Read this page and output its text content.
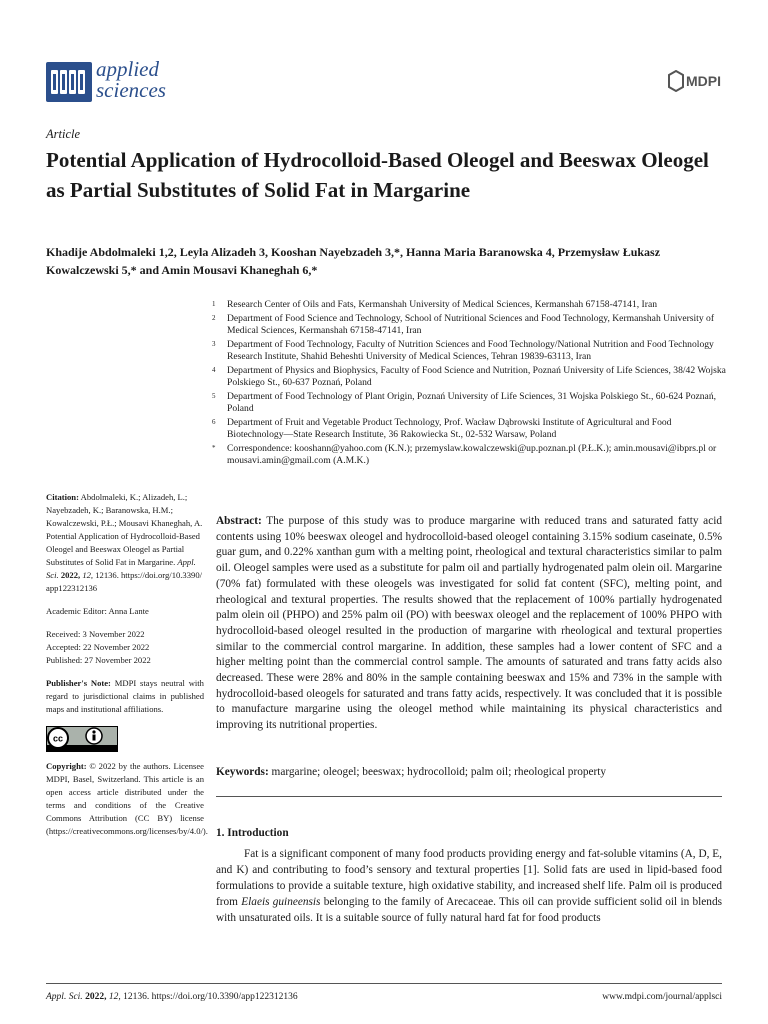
applied
sciences	MDPI
Article
Potential Application of Hydrocolloid-Based Oleogel and Beeswax Oleogel as Partial Substitutes of Solid Fat in Margarine
Khadije Abdolmaleki 1,2, Leyla Alizadeh 3, Kooshan Nayebzadeh 3,*, Hanna Maria Baranowska 4, Przemysław Łukasz Kowalczewski 5,* and Amin Mousavi Khaneghah 6,*
1 Research Center of Oils and Fats, Kermanshah University of Medical Sciences, Kermanshah 67158-47141, Iran
2 Department of Food Science and Technology, School of Nutritional Sciences and Food Technology, Kermanshah University of Medical Sciences, Kermanshah 67158-47141, Iran
3 Department of Food Technology, Faculty of Nutrition Sciences and Food Technology/National Nutrition and Food Technology Research Institute, Shahid Beheshti University of Medical Sciences, Tehran 19839-63113, Iran
4 Department of Physics and Biophysics, Faculty of Food Science and Nutrition, Poznań University of Life Sciences, 38/42 Wojska Polskiego St., 60-637 Poznań, Poland
5 Department of Food Technology of Plant Origin, Poznań University of Life Sciences, 31 Wojska Polskiego St., 60-624 Poznań, Poland
6 Department of Fruit and Vegetable Product Technology, Prof. Wacław Dąbrowski Institute of Agricultural and Food Biotechnology—State Research Institute, 36 Rakowiecka St., 02-532 Warsaw, Poland
* Correspondence: kooshann@yahoo.com (K.N.); przemyslaw.kowalczewski@up.poznan.pl (P.Ł.K.); amin.mousavi@ibprs.pl or mousavi.amin@gmail.com (A.M.K.)
Citation: Abdolmaleki, K.; Alizadeh, L.; Nayebzadeh, K.; Baranowska, H.M.; Kowalczewski, P.Ł.; Mousavi Khaneghah, A. Potential Application of Hydrocolloid-Based Oleogel and Beeswax Oleogel as Partial Substitutes of Solid Fat in Margarine. Appl. Sci. 2022, 12, 12136. https://doi.org/10.3390/app122312136
Academic Editor: Anna Lante
Received: 3 November 2022
Accepted: 22 November 2022
Published: 27 November 2022
Publisher's Note: MDPI stays neutral with regard to jurisdictional claims in published maps and institutional affiliations.
cc
Copyright: © 2022 by the authors. Licensee MDPI, Basel, Switzerland. This article is an open access article distributed under the terms and conditions of the Creative Commons Attribution (CC BY) license (https://creativecommons.org/licenses/by/4.0/).
Abstract: The purpose of this study was to produce margarine with reduced trans and saturated fatty acid contents using 10% beeswax oleogel and hydrocolloid-based oleogel containing 3.15% sodium caseinate, 0.5% guar gum, and 0.22% xanthan gum with a melting point, rheological and textural characteristics similar to palm oil. Oleogel samples were used as a substitute for palm oil and partially hydrogenated palm olein oil. Margarine (70% fat) formulated with these oleogels was investigated for solid fat content (SFC), melting point, and rheological and textural properties. The results showed that the replacement of 100% partially hydrogenated palm olein oil (PHPO) and 25% palm oil (PO) with beeswax oleogel and the replacement of 100% PHPO with hydrocolloid-based oleogel resulted in the production of margarine with rheological and textural properties similar to the commercial control margarine. In addition, these samples had a lower content of SFC and a higher melting point than the commercial control sample. The amounts of saturated and trans fatty acids also decreased. These were 28% and 80% in the sample containing beeswax and 15% and 73% in the sample with hydrocolloid-based oleogels for saturated and trans fatty acids, respectively. It was concluded that it is possible to manufacture margarine using the oleogel method while maintaining its physical characteristics and improving its nutritional properties.
Keywords: margarine; oleogel; beeswax; hydrocolloid; palm oil; rheological property
1. Introduction
Fat is a significant component of many food products providing energy and fat-soluble vitamins (A, D, E, and K) and contributing to food’s sensory and textural properties [1]. Solid fats are used in lipid-based food formulations to provide a suitable texture, high oxidative stability, and increased shelf life. Palm oil is produced from Elaeis guineensis belonging to the family of Arecaceae. This oil can provide sufficient solid oil in blends with unsaturated oils. It is a suitable source of fully natural hard fat for food products
Appl. Sci. 2022, 12, 12136. https://doi.org/10.3390/app122312136	www.mdpi.com/journal/applsci
